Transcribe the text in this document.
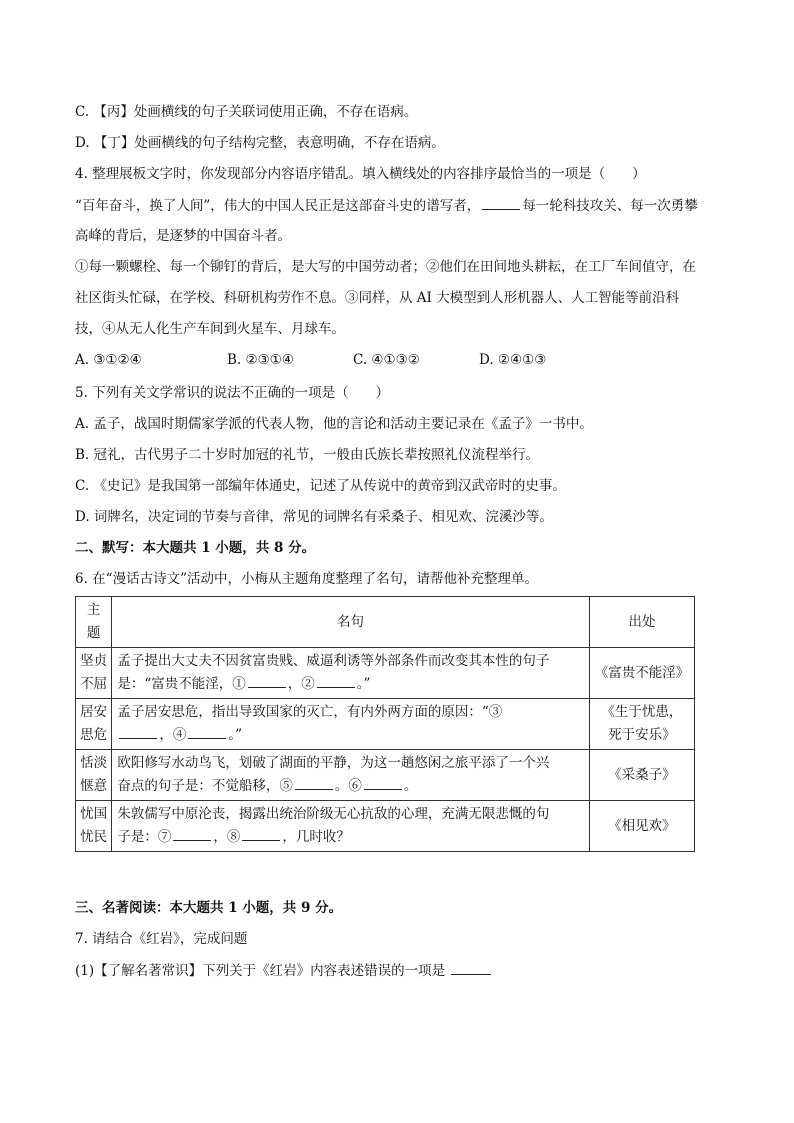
C. 【丙】处画横线的句子关联词使用正确，不存在语病。
D. 【丁】处画横线的句子结构完整，表意明确，不存在语病。
4. 整理展板文字时，你发现部分内容语序错乱。填入横线处的内容排序最恰当的一项是（　　）
“百年奋斗，换了人间”，伟大的中国人民正是这部奋斗史的谱写者，	每一轮科技攻关、每一次勇攀
高峰的背后，是逐梦的中国奋斗者。
①每一颗螺栓、每一个铆钉的背后，是大写的中国劳动者；②他们在田间地头耕耘，在工厂车间值守，在
社区街头忙碌，在学校、科研机构劳作不息。③同样，从 AI 大模型到人形机器人、人工智能等前沿科
技，④从无人化生产车间到火星车、月球车。
A. ③①②④	B. ②③①④	C. ④①③②	D. ②④①③
5. 下列有关文学常识的说法不正确的一项是（　　）
A. 孟子，战国时期儒家学派的代表人物，他的言论和活动主要记录在《孟子》一书中。
B. 冠礼，古代男子二十岁时加冠的礼节，一般由氏族长辈按照礼仪流程举行。
C. 《史记》是我国第一部编年体通史，记述了从传说中的黄帝到汉武帝时的史事。
D. 词牌名，决定词的节奏与音律，常见的词牌名有采桑子、相见欢、浣溪沙等。
二、默写：本大题共 1 小题，共 8 分。
6. 在“漫话古诗文”活动中，小梅从主题角度整理了名句，请帮他补充整理单。
主题	名句	出处
坚贞不屈	孟子提出大丈夫不因贫富贵贱、威逼利诱等外部条件而改变其本性的句子
是：“富贵不能淫，① ，② 。”	《富贵不能淫》
居安思危	孟子居安思危，指出导致国家的灭亡，有内外两方面的原因：“③
，④ 。”	《生于忧患，死于安乐》
恬淡惬意	欧阳修写水动鸟飞，划破了湖面的平静，为这一趟悠闲之旅平添了一个兴
奋点的句子是：不觉船移，⑤ 。⑥ 。	《采桑子》
忧国忧民	朱敦儒写中原沦丧，揭露出统治阶级无心抗敌的心理，充满无限悲慨的句
子是：⑦ ，⑧ ，几时收？	《相见欢》
三、名著阅读：本大题共 1 小题，共 9 分。
7. 请结合《红岩》，完成问题
(1)【了解名著常识】下列关于《红岩》内容表述错误的一项是
